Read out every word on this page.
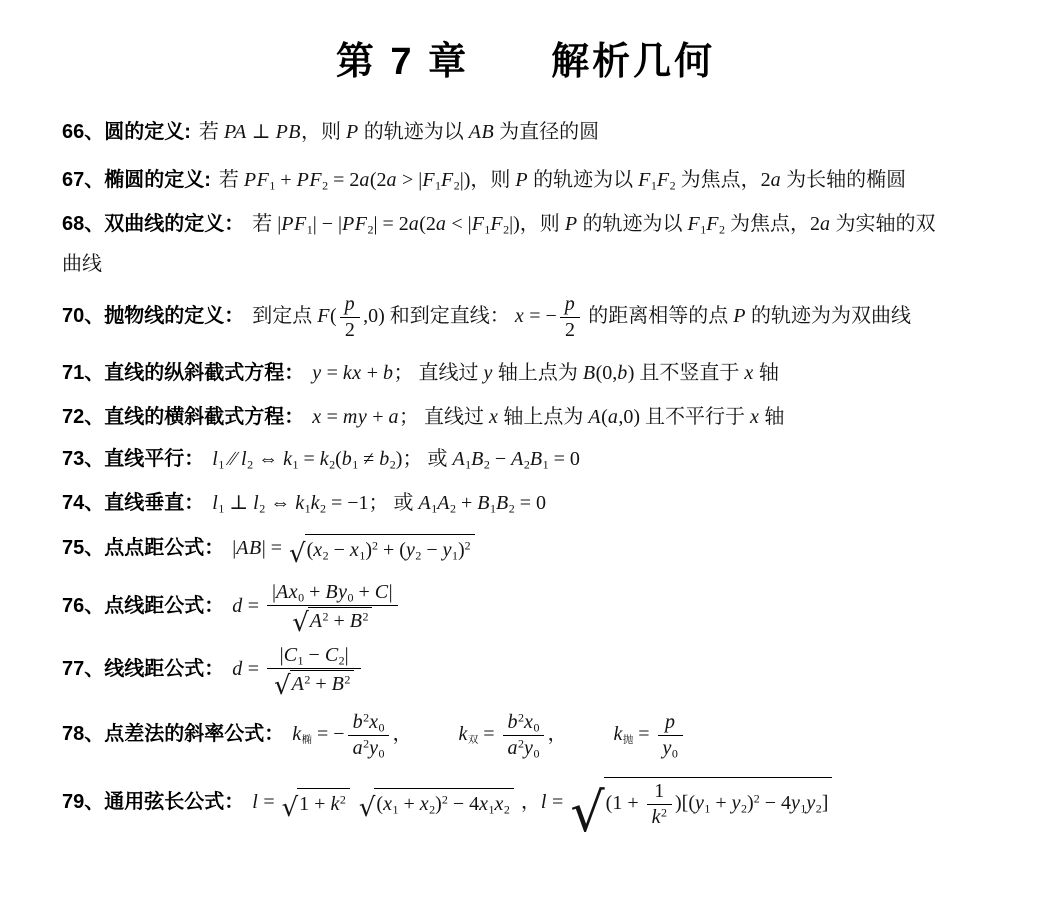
第 7 章　　解析几何
66、圆的定义: 若 PA ⊥ PB，则 P 的轨迹为以 AB 为直径的圆
67、椭圆的定义: 若 $PF_1 + PF_2 = 2a(2a > |F_1F_2|)$，则 P 的轨迹为以 $F_1F_2$ 为焦点，2a 为长轴的椭圆
68、双曲线的定义： 若 $|PF_1| - |PF_2| = 2a(2a < |F_1F_2|)$，则 P 的轨迹为以 $F_1F_2$ 为焦点，2a 为实轴的双
曲线
70、抛物线的定义： 到定点 $F( \frac{p}{2} ,0)$ 和到定直线： x = − $\frac{p}{2}$ 的距离相等的点 P 的轨迹为为双曲线
71、直线的纵斜截式方程： y = kx + b； 直线过 y 轴上点为 B(0,b) 且不竖直于 x 轴
72、直线的横斜截式方程： x = my + a； 直线过 x 轴上点为 A(a,0) 且不平行于 x 轴
73、直线平行： $l_1$ ∕∕ $l_2$ ⇔ $k_1 = k_2(b_1 \ne b_2)$； 或 $A_1B_2 - A_2B_1 = 0$
74、直线垂直： $l_1$ ⊥ $l_2$ ⇔ $k_1k_2 = -1$； 或 $A_1A_2 + B_1B_2 = 0$
75、点点距公式： |AB| = √ $(x_2 - x_1)^2 + (y_2 - y_1)^2$
76、点线距公式： $d = \frac{|Ax_0 + By_0 + C|}{√ A^2 + B^2}$
77、线线距公式： $d = \frac{|C_1 - C_2|}{√ A^2 + B^2}$
78、点差法的斜率公式： $k_椭$ = − $\frac{b^2x_0}{a^2y_0}$ ， $k_双 = \frac{b^2x_0}{a^2y_0}$ ， $k_抛 = \frac{p}{y_0}$
79、通用弦长公式： l = √ $1 + k^2$
√ $(x_1 + x_2)^2 - 4x_1x_2$ ，l = √ $(1 + \frac{1}{k^2} )[(y_1 + y_2)^2 - 4y_1y_2]$
